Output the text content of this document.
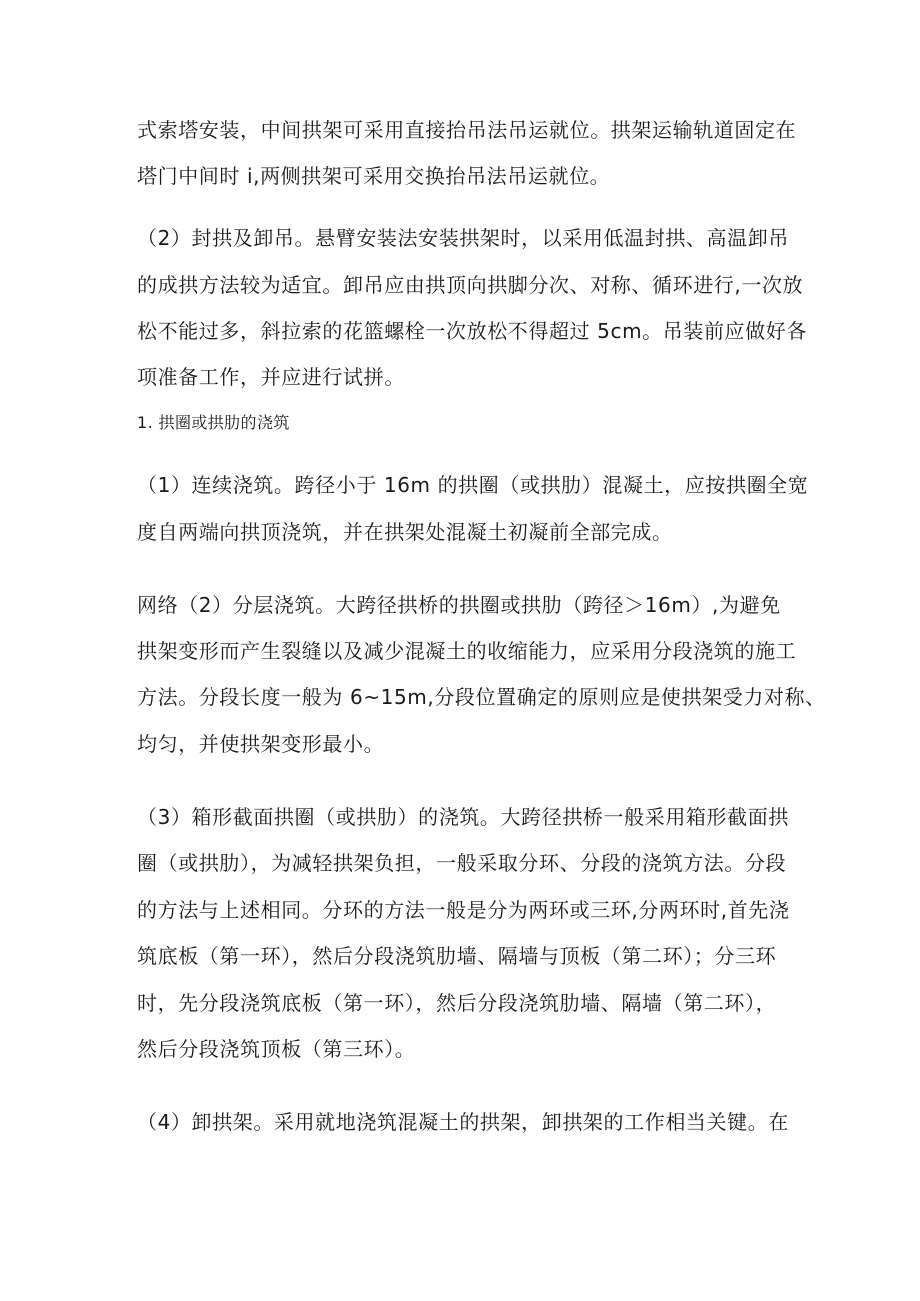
式索塔安装，中间拱架可采用直接抬吊法吊运就位。拱架运输轨道固定在
塔门中间时 i,两侧拱架可采用交换抬吊法吊运就位。
（2）封拱及卸吊。悬臂安装法安装拱架时，以采用低温封拱、高温卸吊
的成拱方法较为适宜。卸吊应由拱顶向拱脚分次、对称、循环进行,一次放
松不能过多，斜拉索的花篮螺栓一次放松不得超过 5cm。吊装前应做好各
项准备工作，并应进行试拼。
1. 拱圈或拱肋的浇筑
（1）连续浇筑。跨径小于 16m 的拱圈（或拱肋）混凝土，应按拱圈全宽
度自两端向拱顶浇筑，并在拱架处混凝土初凝前全部完成。
网络（2）分层浇筑。大跨径拱桥的拱圈或拱肋（跨径＞16m）,为避免
拱架变形而产生裂缝以及减少混凝土的收缩能力，应采用分段浇筑的施工
方法。分段长度一般为 6~15m,分段位置确定的原则应是使拱架受力对称、
均匀，并使拱架变形最小。
（3）箱形截面拱圈（或拱肋）的浇筑。大跨径拱桥一般采用箱形截面拱
圈（或拱肋），为减轻拱架负担，一般采取分环、分段的浇筑方法。分段
的方法与上述相同。分环的方法一般是分为两环或三环,分两环时,首先浇
筑底板（第一环），然后分段浇筑肋墙、隔墙与顶板（第二环）；分三环
时，先分段浇筑底板（第一环），然后分段浇筑肋墙、隔墙（第二环），
然后分段浇筑顶板（第三环）。
（4）卸拱架。采用就地浇筑混凝土的拱架，卸拱架的工作相当关键。在
